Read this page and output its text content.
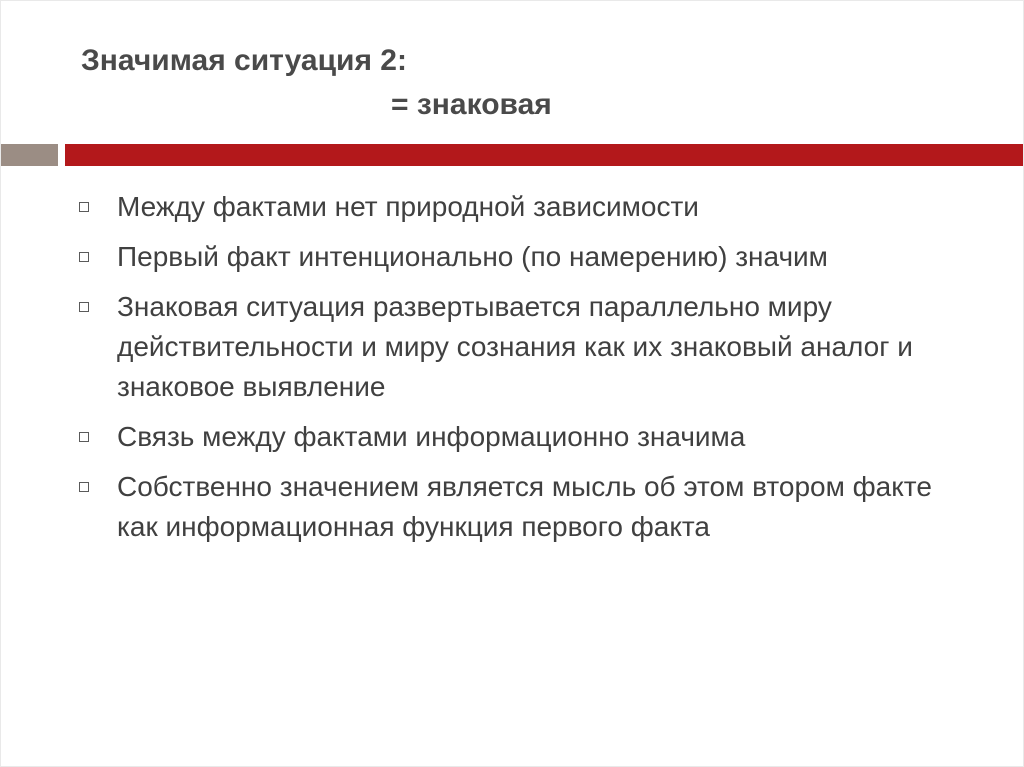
Значимая ситуация 2:
= знаковая
Между фактами нет природной зависимости
Первый факт интенционально (по намерению) значим
Знаковая ситуация развертывается параллельно миру действительности и миру сознания как их знаковый аналог и знаковое выявление
Связь между фактами информационно значима
Собственно значением является мысль об этом втором факте как информационная функция первого факта
